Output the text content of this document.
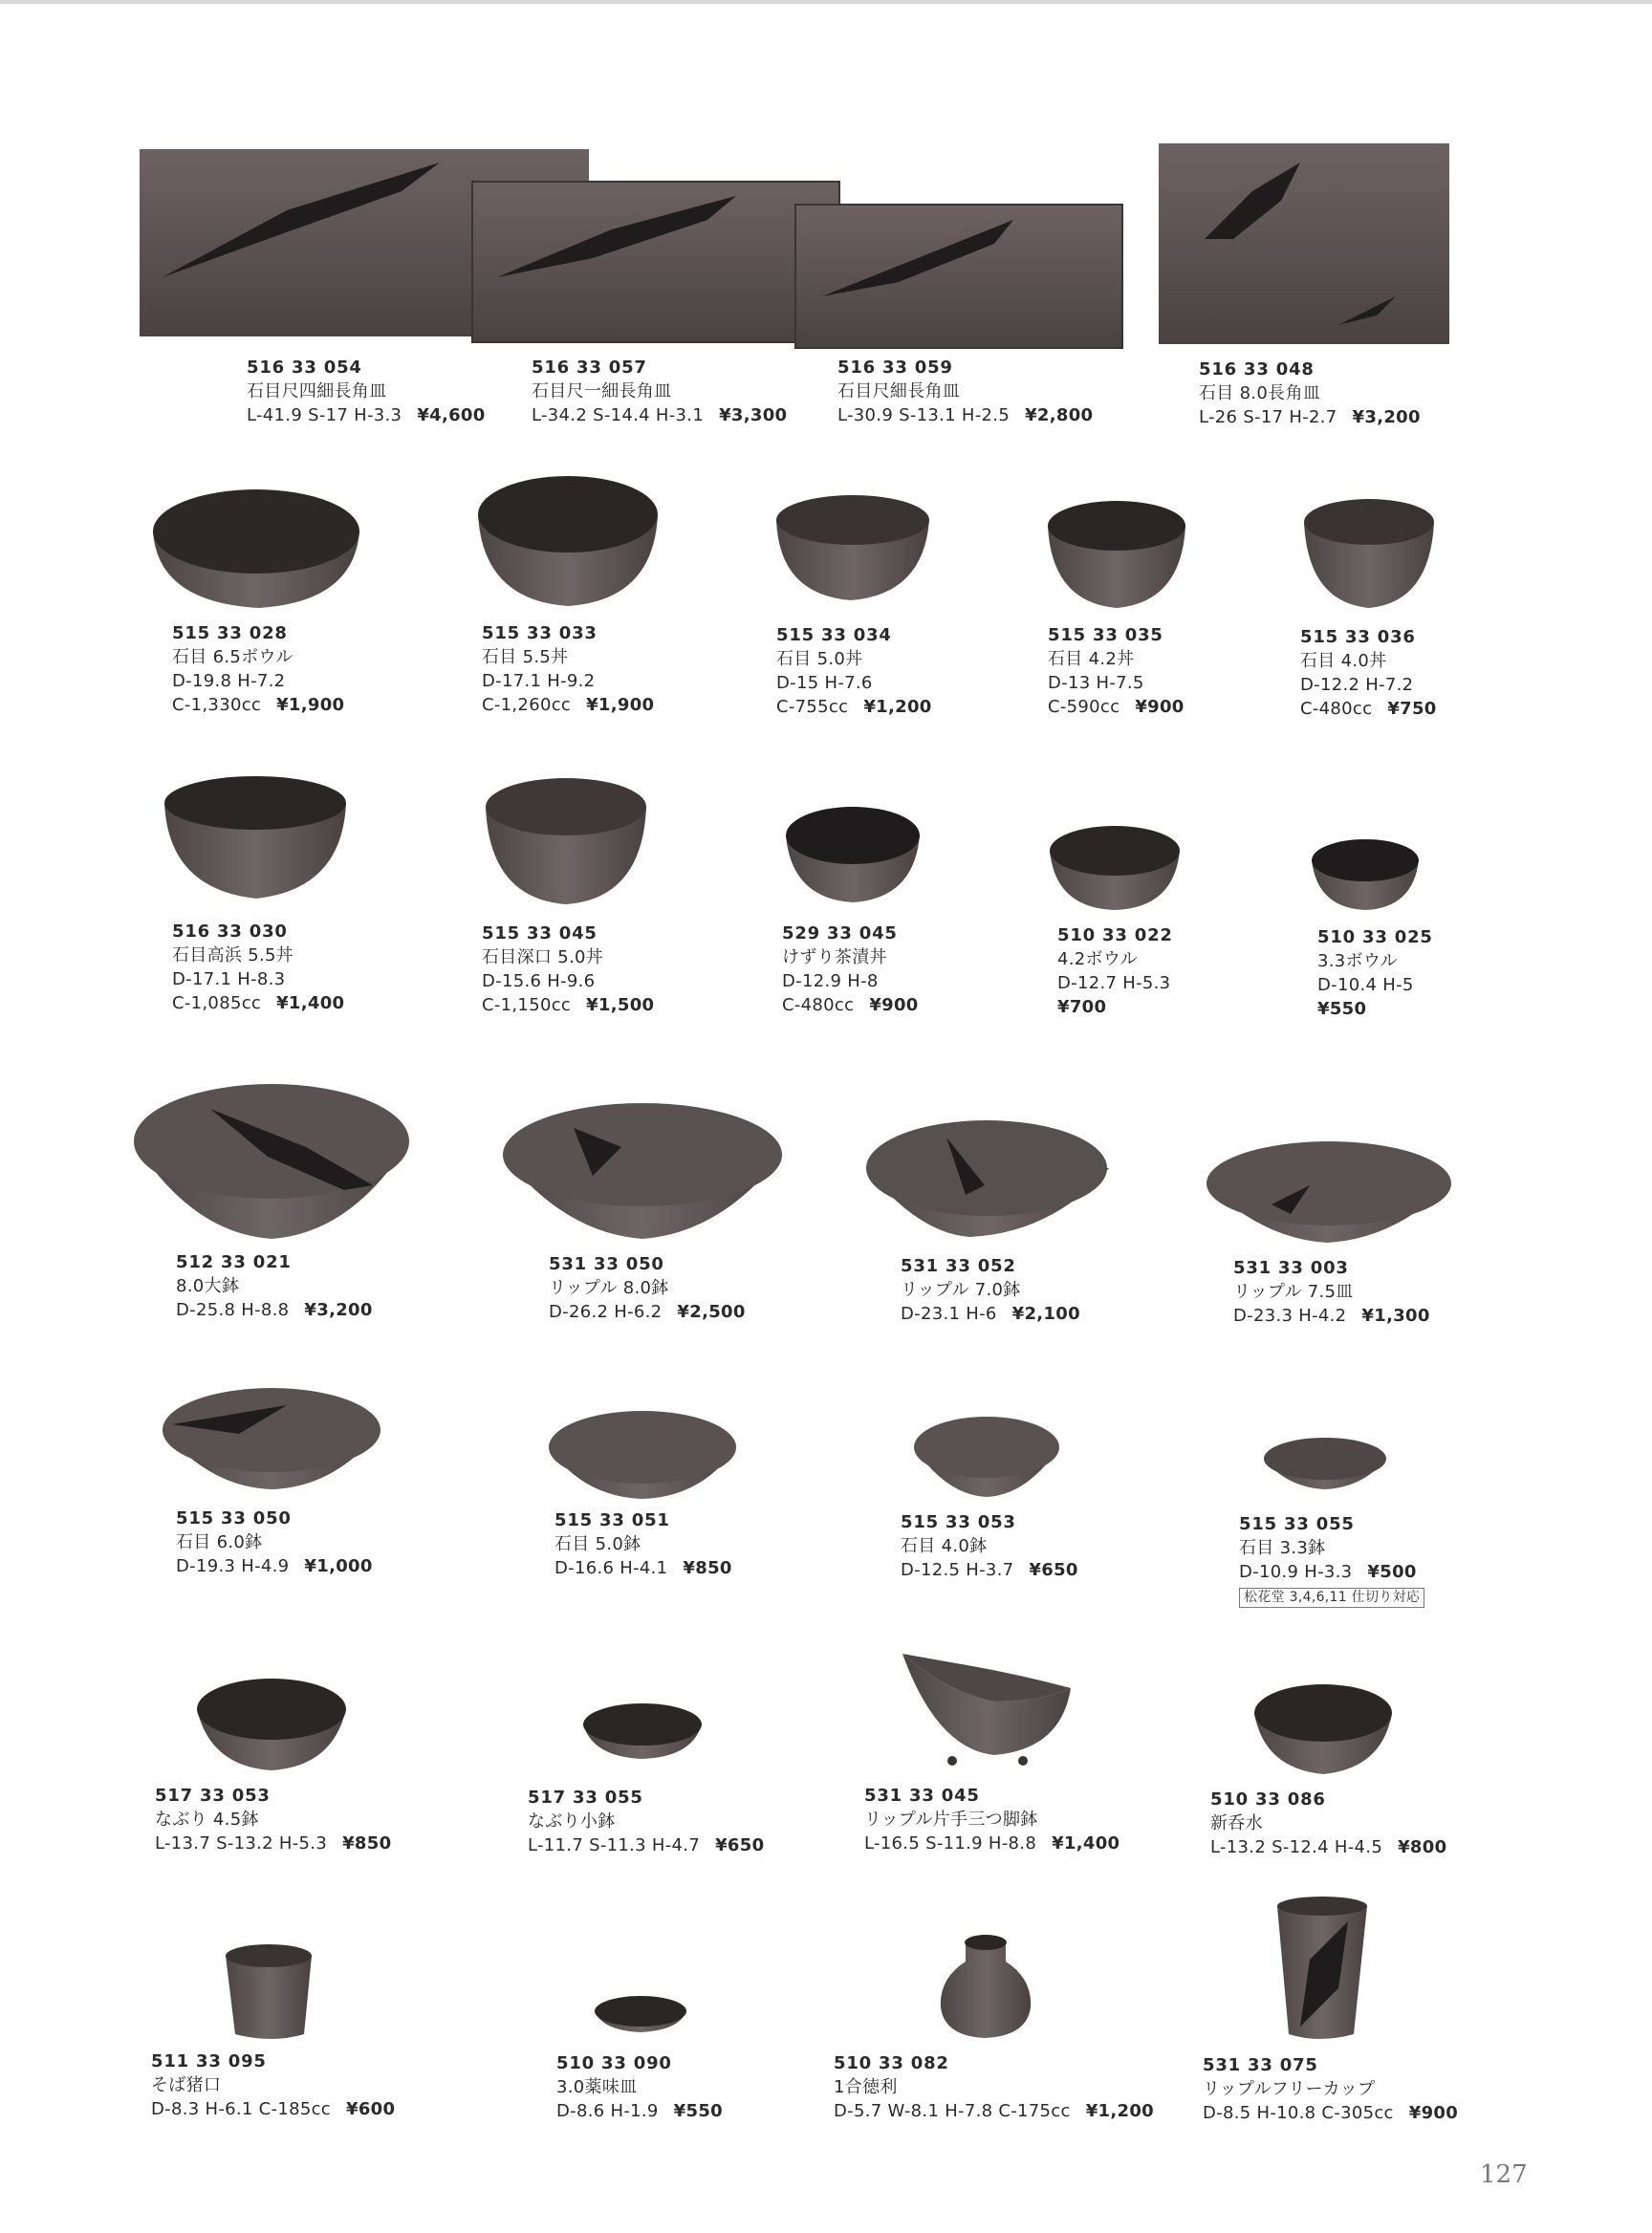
516 33 054
石目尺四細長角皿
L-41.9 S-17 H-3.3 ¥4,600
516 33 057
石目尺一細長角皿
L-34.2 S-14.4 H-3.1 ¥3,300
516 33 059
石目尺細長角皿
L-30.9 S-13.1 H-2.5 ¥2,800
516 33 048
石目 8.0長角皿
L-26 S-17 H-2.7 ¥3,200
515 33 028
石目 6.5ボウル
D-19.8 H-7.2
C-1,330cc ¥1,900
515 33 033
石目 5.5丼
D-17.1 H-9.2
C-1,260cc ¥1,900
515 33 034
石目 5.0丼
D-15 H-7.6
C-755cc ¥1,200
515 33 035
石目 4.2丼
D-13 H-7.5
C-590cc ¥900
515 33 036
石目 4.0丼
D-12.2 H-7.2
C-480cc ¥750
516 33 030
石目高浜 5.5丼
D-17.1 H-8.3
C-1,085cc ¥1,400
515 33 045
石目深口 5.0丼
D-15.6 H-9.6
C-1,150cc ¥1,500
529 33 045
けずり茶漬丼
D-12.9 H-8
C-480cc ¥900
510 33 022
4.2ボウル
D-12.7 H-5.3
¥700
510 33 025
3.3ボウル
D-10.4 H-5
¥550
512 33 021
8.0大鉢
D-25.8 H-8.8 ¥3,200
531 33 050
リップル 8.0鉢
D-26.2 H-6.2 ¥2,500
531 33 052
リップル 7.0鉢
D-23.1 H-6 ¥2,100
531 33 003
リップル 7.5皿
D-23.3 H-4.2 ¥1,300
515 33 050
石目 6.0鉢
D-19.3 H-4.9 ¥1,000
515 33 051
石目 5.0鉢
D-16.6 H-4.1 ¥850
515 33 053
石目 4.0鉢
D-12.5 H-3.7 ¥650
515 33 055
石目 3.3鉢
D-10.9 H-3.3 ¥500
松花堂 3,4,6,11 仕切り対応
517 33 053
なぶり 4.5鉢
L-13.7 S-13.2 H-5.3 ¥850
517 33 055
なぶり小鉢
L-11.7 S-11.3 H-4.7 ¥650
531 33 045
リップル片手三つ脚鉢
L-16.5 S-11.9 H-8.8 ¥1,400
510 33 086
新呑水
L-13.2 S-12.4 H-4.5 ¥800
511 33 095
そば猪口
D-8.3 H-6.1 C-185cc ¥600
510 33 090
3.0薬味皿
D-8.6 H-1.9 ¥550
510 33 082
1合徳利
D-5.7 W-8.1 H-7.8 C-175cc ¥1,200
531 33 075
リップルフリーカップ
D-8.5 H-10.8 C-305cc ¥900
127
